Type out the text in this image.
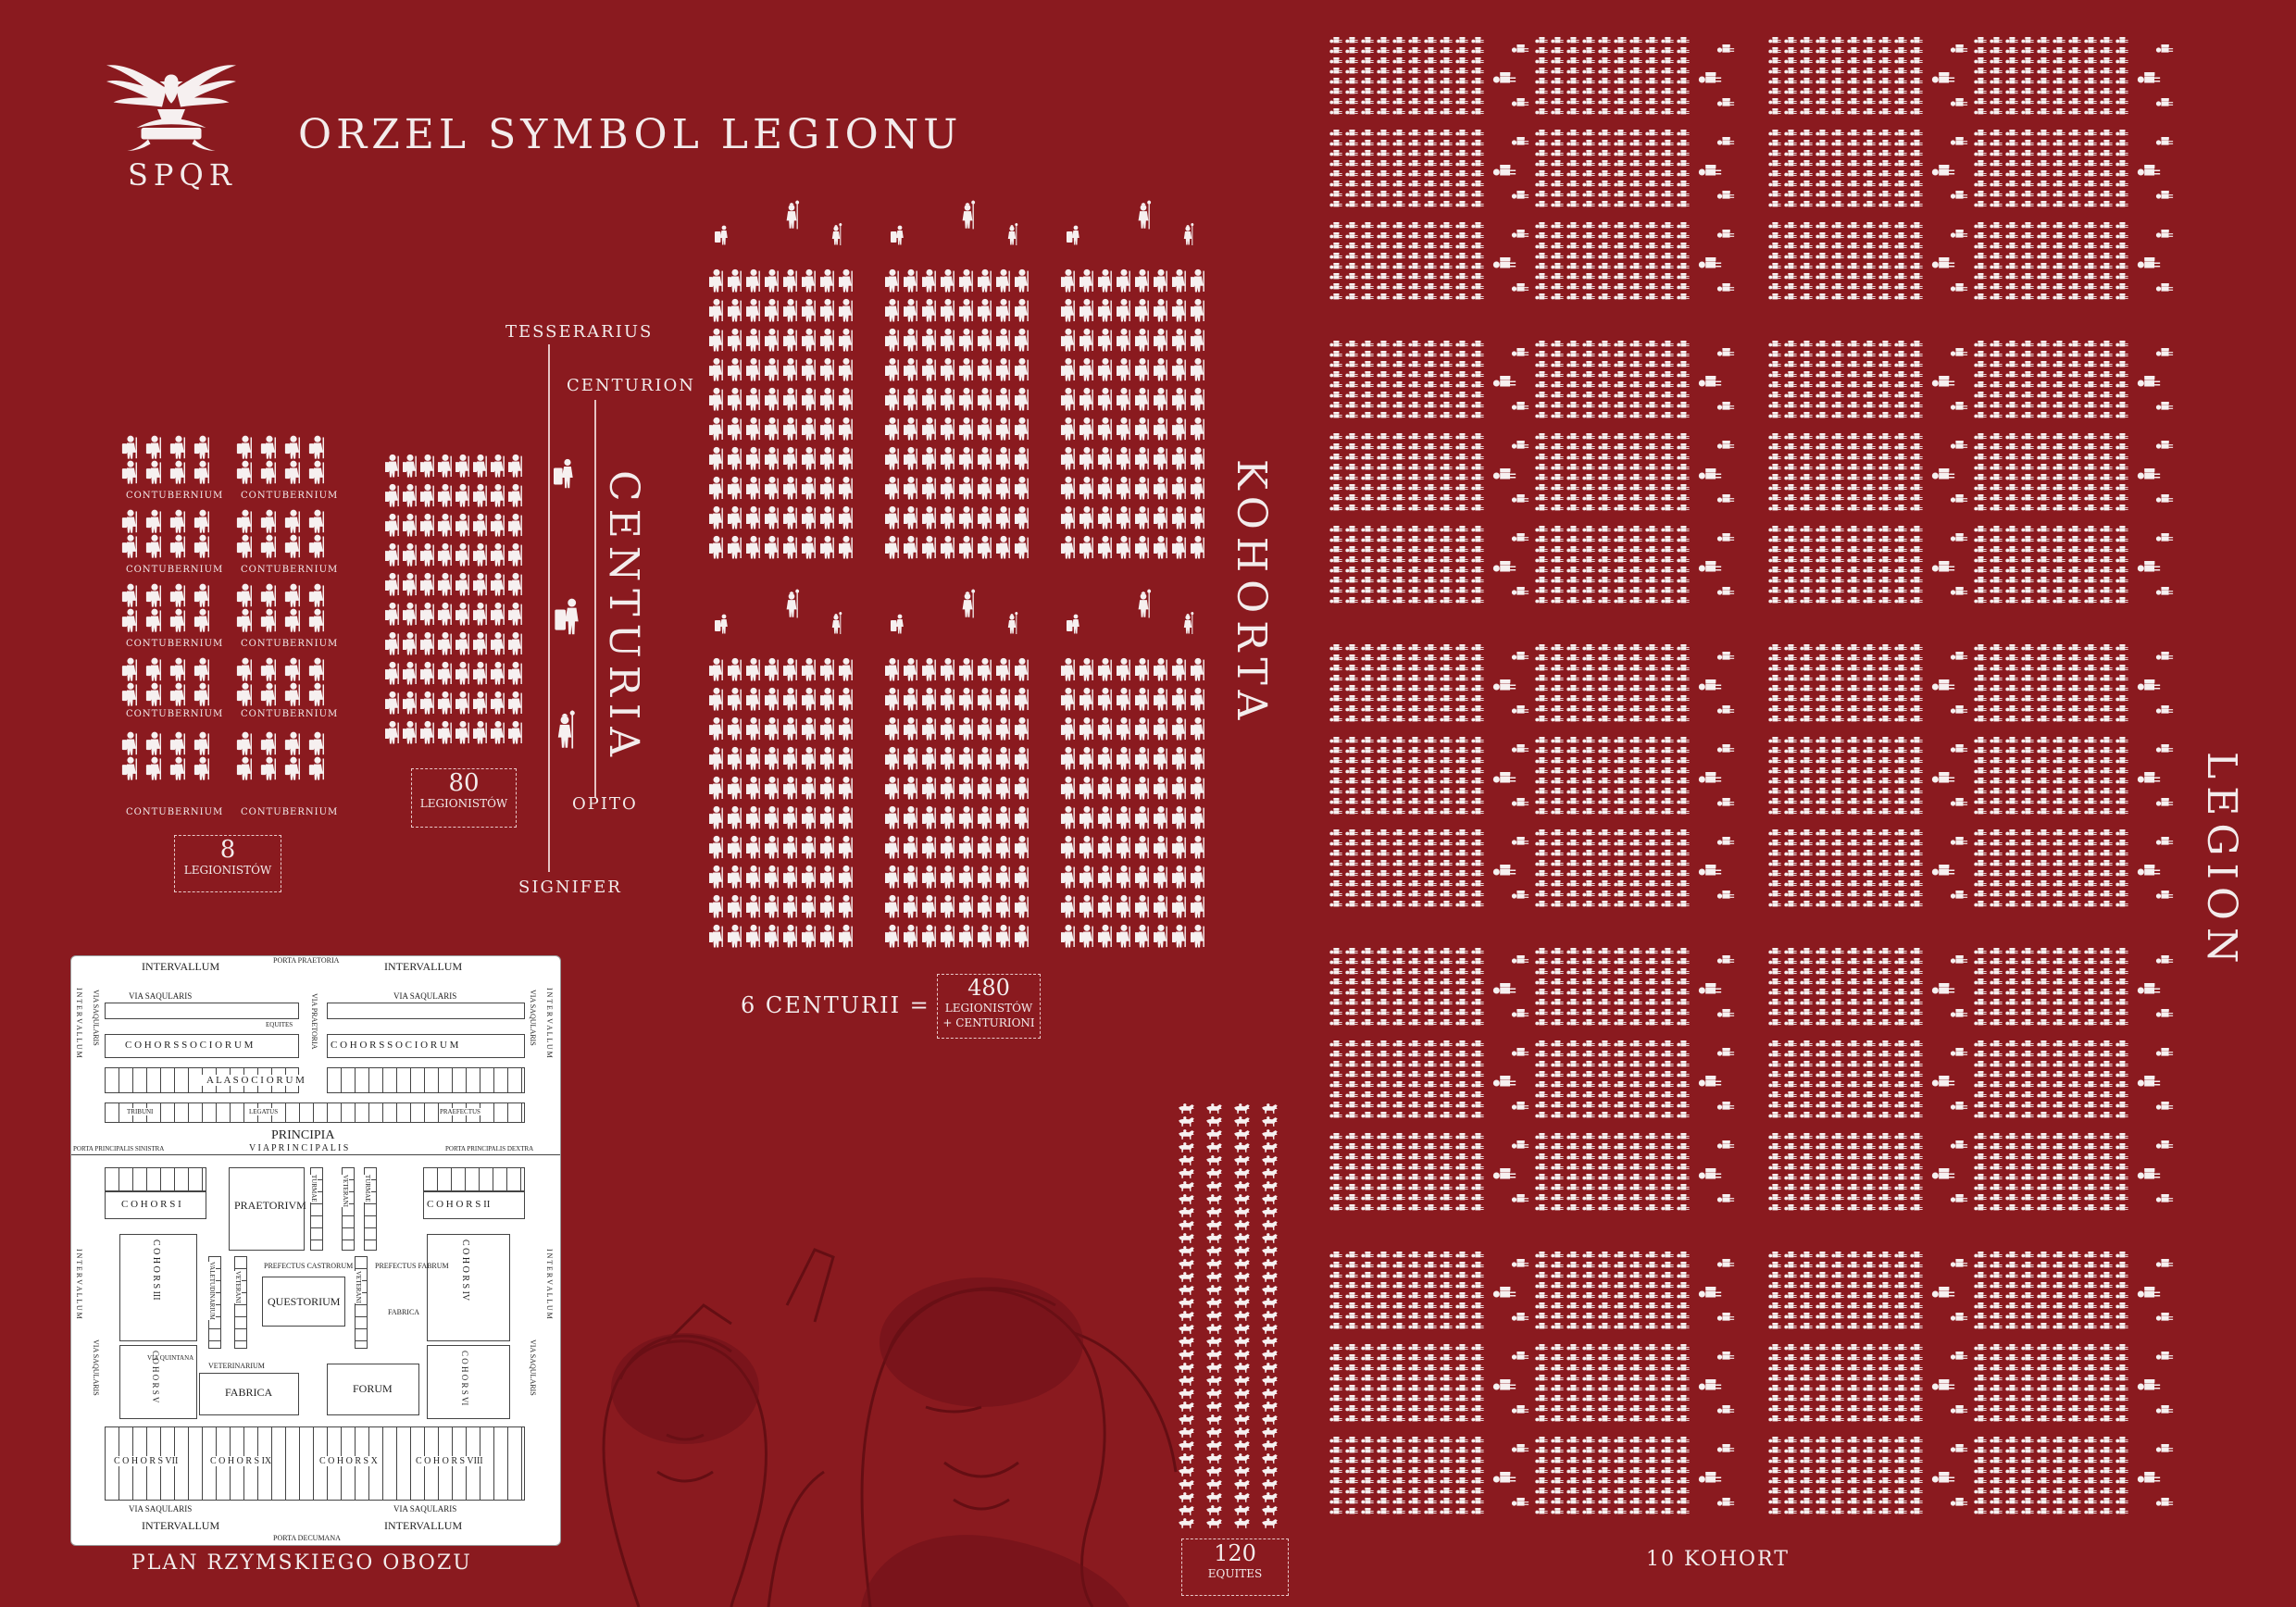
SPQR
ORZEL SYMBOL LEGIONU
CONTUBERNIUM
CONTUBERNIUM
CONTUBERNIUM
CONTUBERNIUM
CONTUBERNIUM
CONTUBERNIUM
CONTUBERNIUM
CONTUBERNIUM
CONTUBERNIUM
CONTUBERNIUM
8
LEGIONISTÓW
80
LEGIONISTÓW
TESSERARIUS
CENTURION
OPITO
SIGNIFER
CENTURIA	KOHORTA
6 CENTURII =
480
LEGIONISTÓW
+ CENTURIONI
120
EQUITES
LEGION
10 KOHORT
INTERVALLUM	PORTA PRAETORIA	INTERVALLUM
I N T E R V A L L U M	I N T E R V A L L U M
VIA SAQULARIS	VIA SAQULARIS
VIA SAQULARIS	VIA SAQULARIS
VIA PRAETORIA
EQUITES
C O H O R S S O C I O R U M	C O H O R S S O C I O R U M
A L A S O C I O R U M
TRIBUNI	LEGATUS	PRAEFECTUS
PRINCIPIA
PORTA PRINCIPALIS SINISTRA	V I A P R I N C I P A L I S	PORTA PRINCIPALIS DEXTRA
C O H O R S I	PRAETORIVM
TURMAE	VETERANI TURMAE
C O H O R S II
I N T E R V A L L U M	I N T E R V A L L U M
VIA SAQULARIS	VIA SAQULARIS
C O H O R S III	VALETUDINARIUM	VETERANI
PREFECTUS CASTRORUM
QUESTORIUM VETERANI
PREFECTUS FABRUM
FABRICA
C O H O R S IV
VIA QUINTANA
VETERINARIUM
FABRICA	FORUM
C O H O R S V	C O H O R S VI
C O H O R S VII	C O H O R S IX	C O H O R S X	C O H O R S VIII
VIA SAQULARIS	VIA SAQULARIS
INTERVALLUM	INTERVALLUM
PORTA DECUMANA
PLAN RZYMSKIEGO OBOZU
